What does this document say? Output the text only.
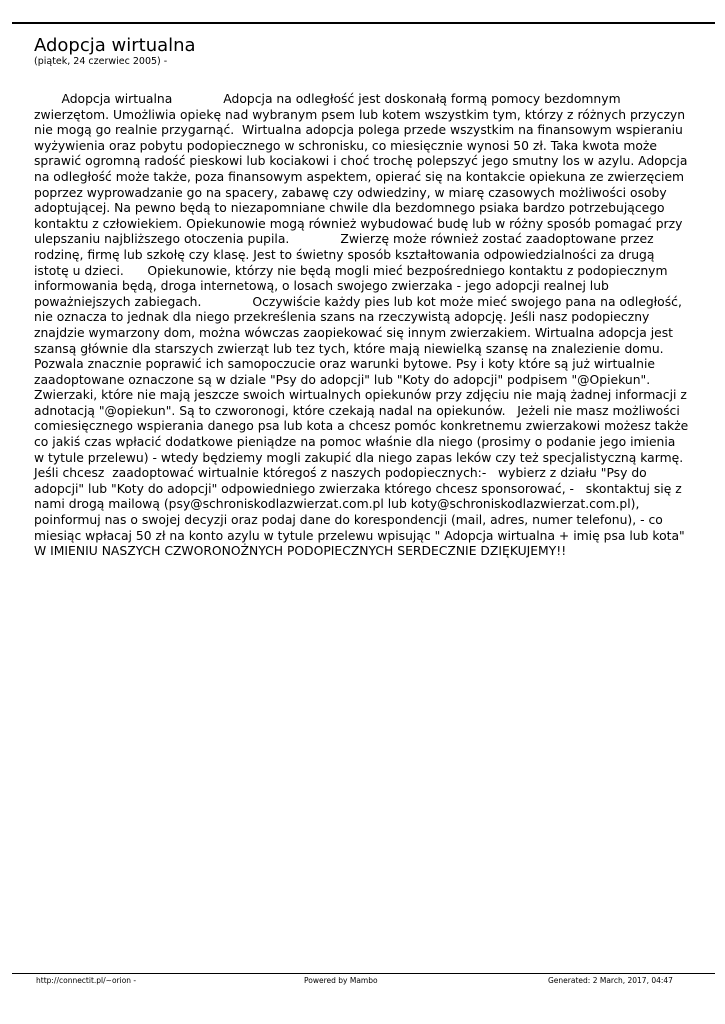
Adopcja wirtualna
(piątek, 24 czerwiec 2005) -
Adopcja wirtualna             Adopcja na odległość jest doskonałą formą pomocy bezdomnym zwierzętom. Umożliwia opiekę nad wybranym psem lub kotem wszystkim tym, którzy z różnych przyczyn nie mogą go realnie przygarnąć.  Wirtualna adopcja polega przede wszystkim na finansowym wspieraniu wyżywienia oraz pobytu podopiecznego w schronisku, co miesięcznie wynosi 50 zł. Taka kwota może sprawić ogromną radość pieskowi lub kociakowi i choć trochę polepszyć jego smutny los w azylu. Adopcja na odległość może także, poza finansowym aspektem, opierać się na kontakcie opiekuna ze zwierzęciem poprzez wyprowadzanie go na spacery, zabawę czy odwiedziny, w miarę czasowych możliwości osoby adoptującej. Na pewno będą to niezapomniane chwile dla bezdomnego psiaka bardzo potrzebującego kontaktu z człowiekiem. Opiekunowie mogą również wybudować budę lub w różny sposób pomagać przy ulepszaniu najbliższego otoczenia pupila.             Zwierzę może również zostać zaadoptowane przez rodzinę, firmę lub szkołę czy klasę. Jest to świetny sposób kształtowania odpowiedzialności za drugą istotę u dzieci.      Opiekunowie, którzy nie będą mogli mieć bezpośredniego kontaktu z podopiecznym informowania będą, droga internetową, o losach swojego zwierzaka - jego adopcji realnej lub poważniejszych zabiegach.             Oczywiście każdy pies lub kot może mieć swojego pana na odległość, nie oznacza to jednak dla niego przekreślenia szans na rzeczywistą adopcję. Jeśli nasz podopieczny znajdzie wymarzony dom, można wówczas zaopiekować się innym zwierzakiem. Wirtualna adopcja jest szansą głównie dla starszych zwierząt lub tez tych, które mają niewielką szansę na znalezienie domu. Pozwala znacznie poprawić ich samopoczucie oraz warunki bytowe. Psy i koty które są już wirtualnie zaadoptowane oznaczone są w dziale "Psy do adopcji" lub "Koty do adopcji" podpisem "@Opiekun". Zwierzaki, które nie mają jeszcze swoich wirtualnych opiekunów przy zdjęciu nie mają żadnej informacji z adnotacją "@opiekun". Są to czworonogi, które czekają nadal na opiekunów.   Jeżeli nie masz możliwości comiesięcznego wspierania danego psa lub kota a chcesz pomóc konkretnemu zwierzakowi możesz także co jakiś czas wpłacić dodatkowe pieniądze na pomoc właśnie dla niego (prosimy o podanie jego imienia w tytule przelewu) - wtedy będziemy mogli zakupić dla niego zapas leków czy też specjalistyczną karmę. Jeśli chcesz  zaadoptować wirtualnie któregoś z naszych podopiecznych:-   wybierz z działu "Psy do adopcji" lub "Koty do adopcji" odpowiedniego zwierzaka którego chcesz sponsorować, -   skontaktuj się z nami drogą mailową (psy@schroniskodlazwierzat.com.pl lub koty@schroniskodlazwierzat.com.pl), poinformuj nas o swojej decyzji oraz podaj dane do korespondencji (mail, adres, numer telefonu), - co miesiąc wpłacaj 50 zł na konto azylu w tytule przelewu wpisując " Adopcja wirtualna + imię psa lub kota" W IMIENIU NASZYCH CZWORONOŻNYCH PODOPIECZNYCH SERDECZNIE DZIĘKUJEMY!!
http://connectit.pl/~orion -	Powered by Mambo	Generated: 2 March, 2017, 04:47
